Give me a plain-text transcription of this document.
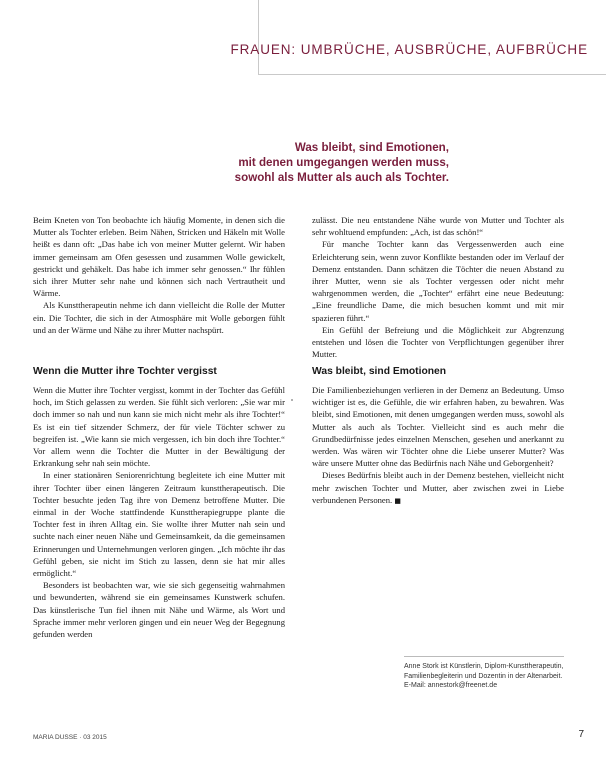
FRAUEN: UMBRÜCHE, AUSBRÜCHE, AUFBRÜCHE
Was bleibt, sind Emotionen,
mit denen umgegangen werden muss,
sowohl als Mutter als auch als Tochter.

Beim Kneten von Ton beobachte ich häufig Momente, in denen sich die Mutter als Tochter erleben. Beim Nähen, Stricken und Häkeln mit Wolle heißt es dann oft: „Das habe ich von meiner Mutter gelernt. Wir haben immer gemeinsam am Ofen gesessen und zusammen Wolle gewickelt, gestrickt und gehäkelt. Das habe ich immer sehr genossen.“ Ihr fühlen sich ihrer Mutter sehr nahe und können sich nach Vertrautheit und Wärme.

Als Kunsttherapeutin nehme ich dann vielleicht die Rolle der Mutter ein. Die Tochter, die sich in der Atmosphäre mit Wolle geborgen fühlt und an der Wärme und Nähe zu ihrer Mutter nachspürt.

zulässt. Die neu entstandene Nähe wurde von Mutter und Tochter als sehr wohltuend empfunden: „Ach, ist das schön!“

Für manche Tochter kann das Vergessenwerden auch eine Erleichterung sein, wenn zuvor Konflikte bestanden oder im Verlauf der Demenz entstanden. Dann schätzen die Töchter die neuen Abstand zu ihrer Mutter, wenn sie als Tochter vergessen oder nicht mehr wahrgenommen werden, die „Tochter“ erfährt eine neue Bedeutung: „Eine freundliche Dame, die mich besuchen kommt und mit mir spazieren führt.“

Ein Gefühl der Befreiung und die Möglichkeit zur Abgrenzung entstehen und lösen die Tochter von Verpflichtungen gegenüber ihrer Mutter.

Wenn die Mutter ihre Tochter vergisst	Was bleibt, sind Emotionen

Wenn die Mutter ihre Tochter vergisst, kommt in der Tochter das Gefühl hoch, im Stich gelassen zu werden. Sie fühlt sich verloren: „Sie war mir doch immer so nah und nun kann sie mich nicht mehr als ihre Tochter!“ Es ist ein tief sitzender Schmerz, der für viele Töchter schwer zu begreifen ist. „Wie kann sie mich vergessen, ich bin doch ihre Tochter.“ Vor allem wenn die Tochter die Mutter in der Bewältigung der Erkrankung sehr nah sein möchte.

In einer stationären Seniorenrichtung begleitete ich eine Mutter mit ihrer Tochter über einen längeren Zeitraum kunsttherapeutisch. Die Tochter besuchte jeden Tag ihre von Demenz betroffene Mutter. Die einmal in der Woche stattfindende Kunsttherapiegruppe plante die Tochter fest in ihren Alltag ein. Sie wollte ihrer Mutter nah sein und suchte nach einer neuen Nähe und Gemeinsamkeit, da die gemeinsamen Erinnerungen und Unternehmungen verloren gingen. „Ich möchte ihr das Gefühl geben, sie nicht im Stich zu lassen, denn sie hat mir alles ermöglicht.“

Besonders ist beobachten war, wie sie sich gegenseitig wahrnahmen und bewunderten, während sie ein gemeinsames Kunstwerk schufen. Das künstlerische Tun fiel ihnen mit Nähe und Wärme, als Wort und Sprache immer mehr verloren gingen und ein neuer Weg der Begegnung gefunden werden

Die Familienbeziehungen verlieren in der Demenz an Bedeutung. Umso wichtiger ist es, die Gefühle, die wir erfahren haben, zu bewahren. Was bleibt, sind Emotionen, mit denen umgegangen werden muss, sowohl als Mutter als auch als Tochter. Vielleicht sind es auch mehr die Grundbedürfnisse jedes einzelnen Menschen, gesehen und anerkannt zu werden. Was wären wir Töchter ohne die Liebe unserer Mutter? Was wäre unsere Mutter ohne das Bedürfnis nach Nähe und Geborgenheit?

Dieses Bedürfnis bleibt auch in der Demenz bestehen, vielleicht nicht mehr zwischen Tochter und Mutter, aber zwischen zwei in Liebe verbundenen Personen. ■

Anne Stork ist Künstlerin, Diplom-Kunsttherapeutin, Familienbegleiterin und Dozentin in der Altenarbeit.
E-Mail: annestork@freenet.de
MARIA DUSSE · 03 2015	7
